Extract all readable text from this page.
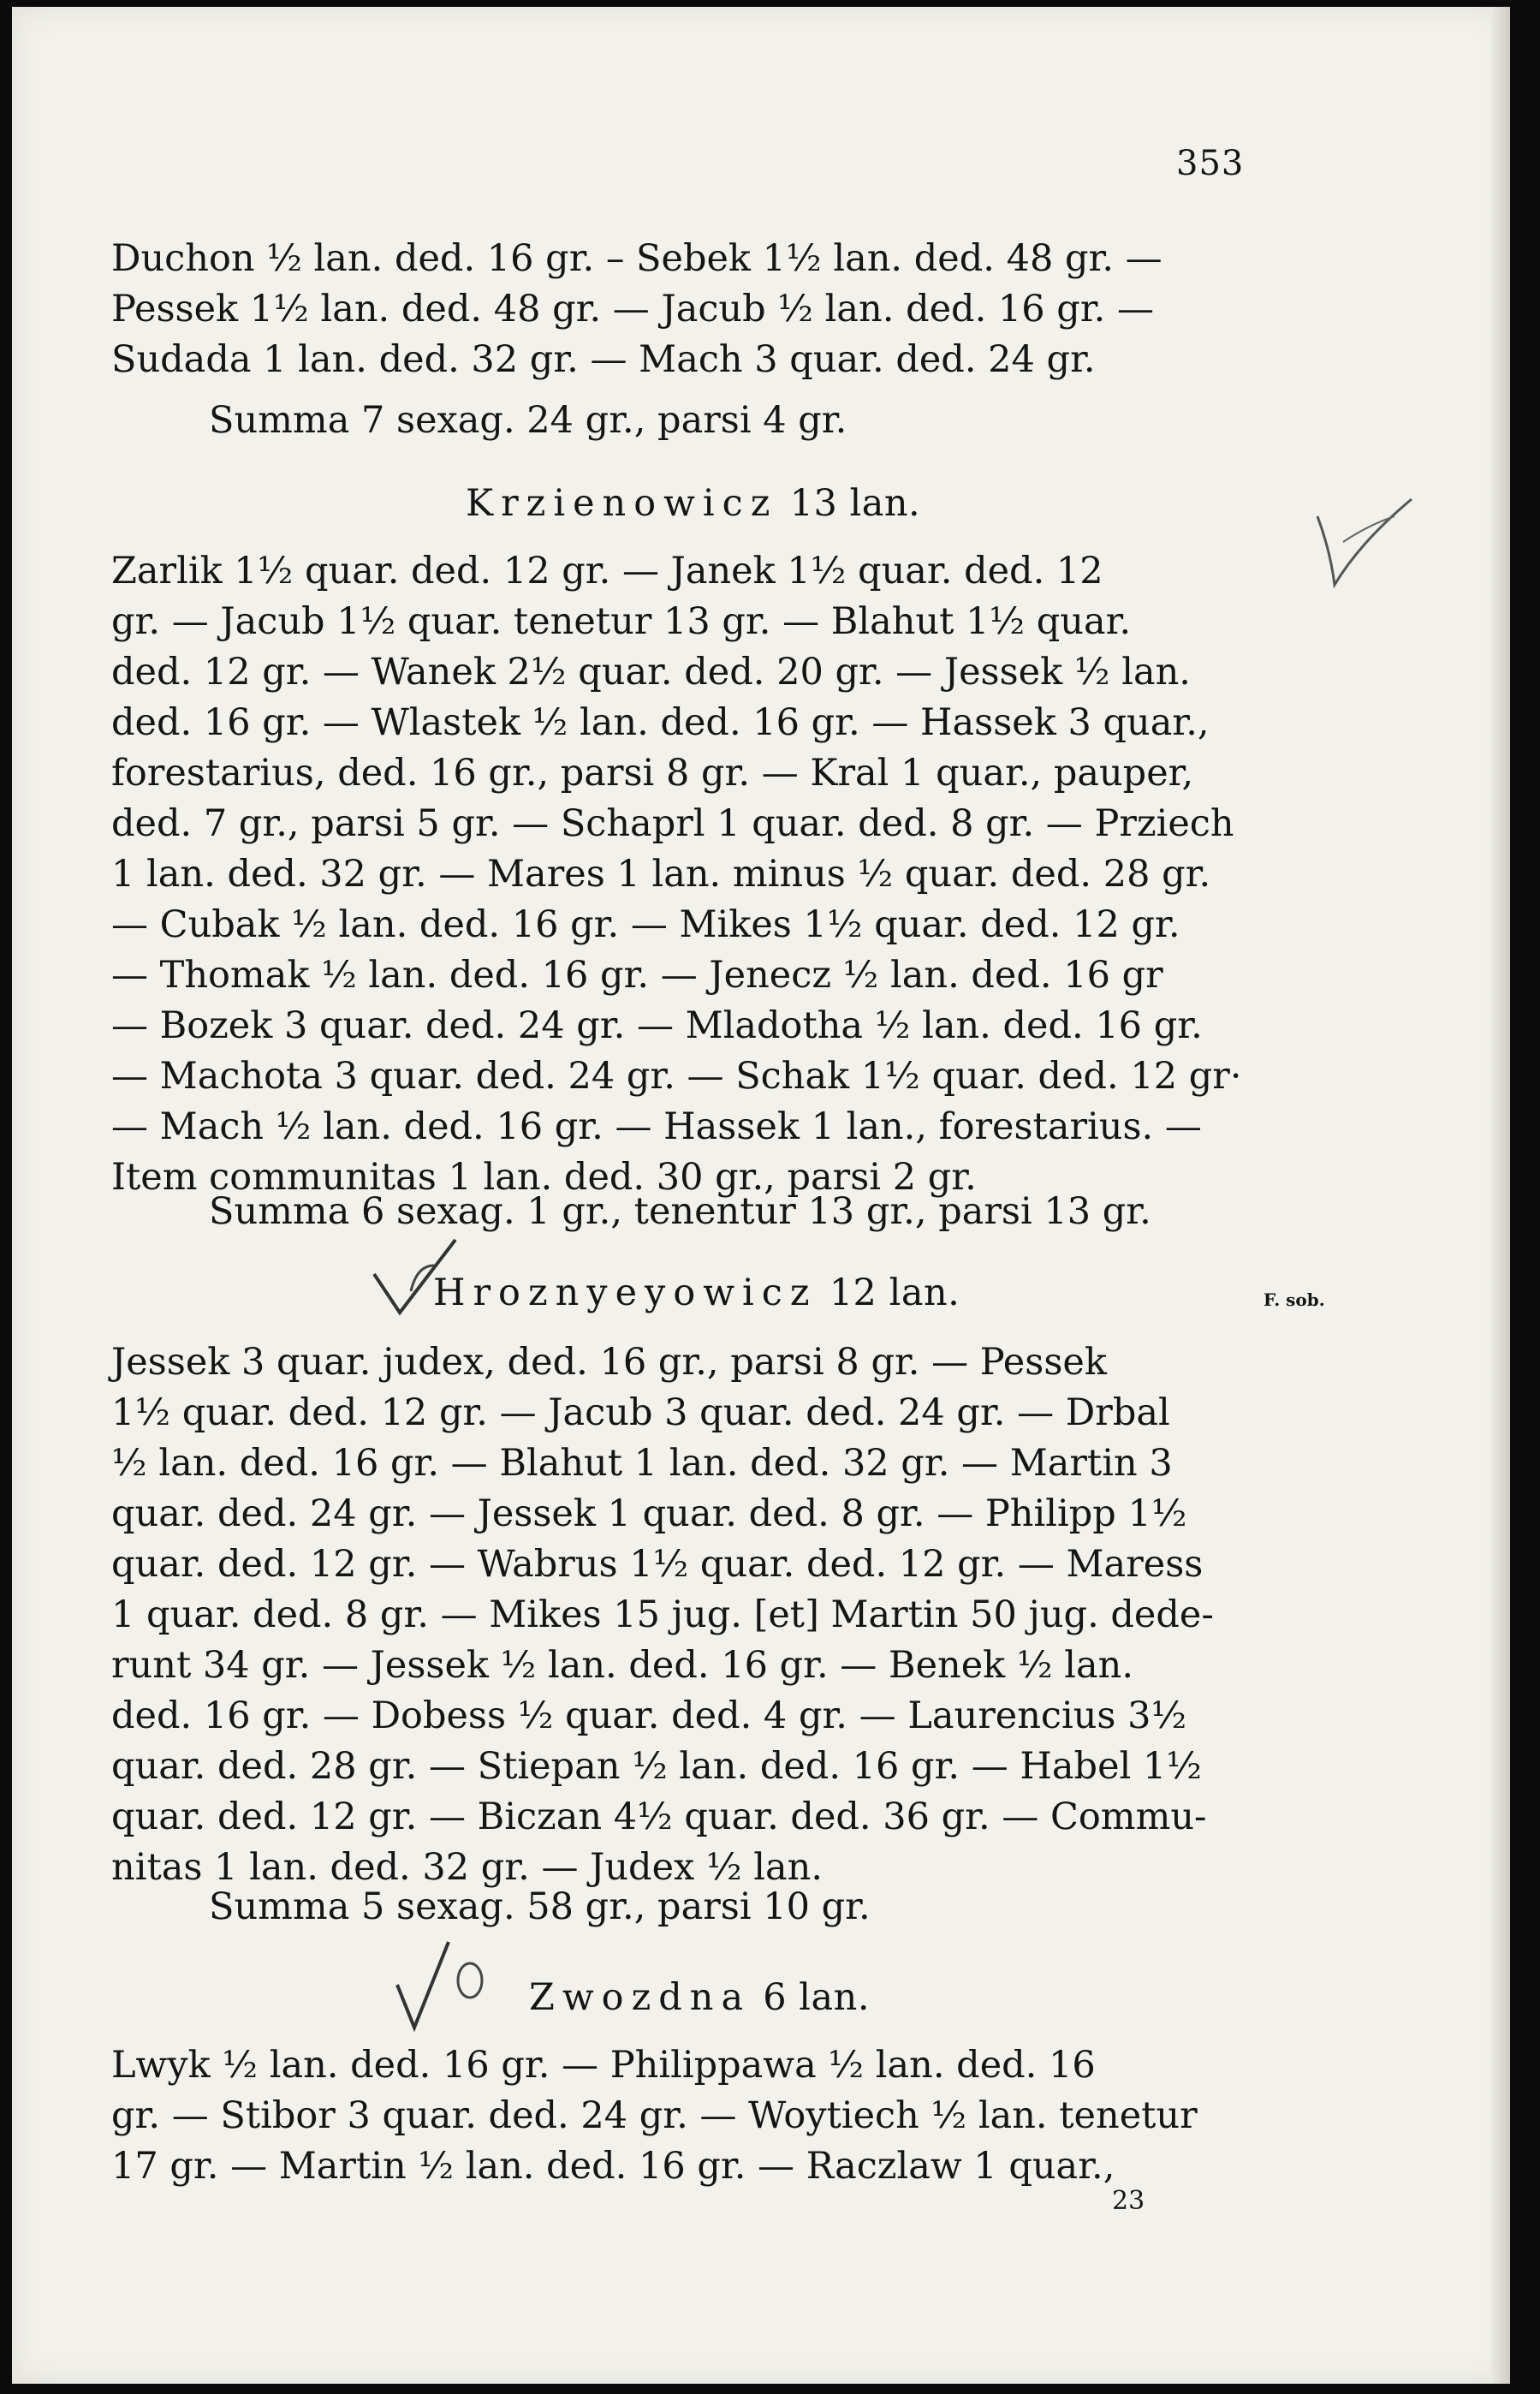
353
Duchon ½ lan. ded. 16 gr. – Sebek 1½ lan. ded. 48 gr. —
Pessek 1½ lan. ded. 48 gr. — Jacub ½ lan. ded. 16 gr. —
Sudada 1 lan. ded. 32 gr. — Mach 3 quar. ded. 24 gr.
Summa 7 sexag. 24 gr., parsi 4 gr.
Krzienowicz 13 lan.
Zarlik 1½ quar. ded. 12 gr. — Janek 1½ quar. ded. 12
gr. — Jacub 1½ quar. tenetur 13 gr. — Blahut 1½ quar.
ded. 12 gr. — Wanek 2½ quar. ded. 20 gr. — Jessek ½ lan.
ded. 16 gr. — Wlastek ½ lan. ded. 16 gr. — Hassek 3 quar.,
forestarius, ded. 16 gr., parsi 8 gr. — Kral 1 quar., pauper,
ded. 7 gr., parsi 5 gr. — Schaprl 1 quar. ded. 8 gr. — Prziech
1 lan. ded. 32 gr. — Mares 1 lan. minus ½ quar. ded. 28 gr.
— Cubak ½ lan. ded. 16 gr. — Mikes 1½ quar. ded. 12 gr.
— Thomak ½ lan. ded. 16 gr. — Jenecz ½ lan. ded. 16 gr
— Bozek 3 quar. ded. 24 gr. — Mladotha ½ lan. ded. 16 gr.
— Machota 3 quar. ded. 24 gr. — Schak 1½ quar. ded. 12 gr·
— Mach ½ lan. ded. 16 gr. — Hassek 1 lan., forestarius. —
Item communitas 1 lan. ded. 30 gr., parsi 2 gr.
Summa 6 sexag. 1 gr., tenentur 13 gr., parsi 13 gr.
Hroznyeyowicz 12 lan.	F. sob.
Jessek 3 quar. judex, ded. 16 gr., parsi 8 gr. — Pessek
1½ quar. ded. 12 gr. — Jacub 3 quar. ded. 24 gr. — Drbal
½ lan. ded. 16 gr. — Blahut 1 lan. ded. 32 gr. — Martin 3
quar. ded. 24 gr. — Jessek 1 quar. ded. 8 gr. — Philipp 1½
quar. ded. 12 gr. — Wabrus 1½ quar. ded. 12 gr. — Maress
1 quar. ded. 8 gr. — Mikes 15 jug. [et] Martin 50 jug. dede-
runt 34 gr. — Jessek ½ lan. ded. 16 gr. — Benek ½ lan.
ded. 16 gr. — Dobess ½ quar. ded. 4 gr. — Laurencius 3½
quar. ded. 28 gr. — Stiepan ½ lan. ded. 16 gr. — Habel 1½
quar. ded. 12 gr. — Biczan 4½ quar. ded. 36 gr. — Commu-
nitas 1 lan. ded. 32 gr. — Judex ½ lan.
Summa 5 sexag. 58 gr., parsi 10 gr.
Zwozdna 6 lan.
Lwyk ½ lan. ded. 16 gr. — Philippawa ½ lan. ded. 16
gr. — Stibor 3 quar. ded. 24 gr. — Woytiech ½ lan. tenetur
17 gr. — Martin ½ lan. ded. 16 gr. — Raczlaw 1 quar.,
23
